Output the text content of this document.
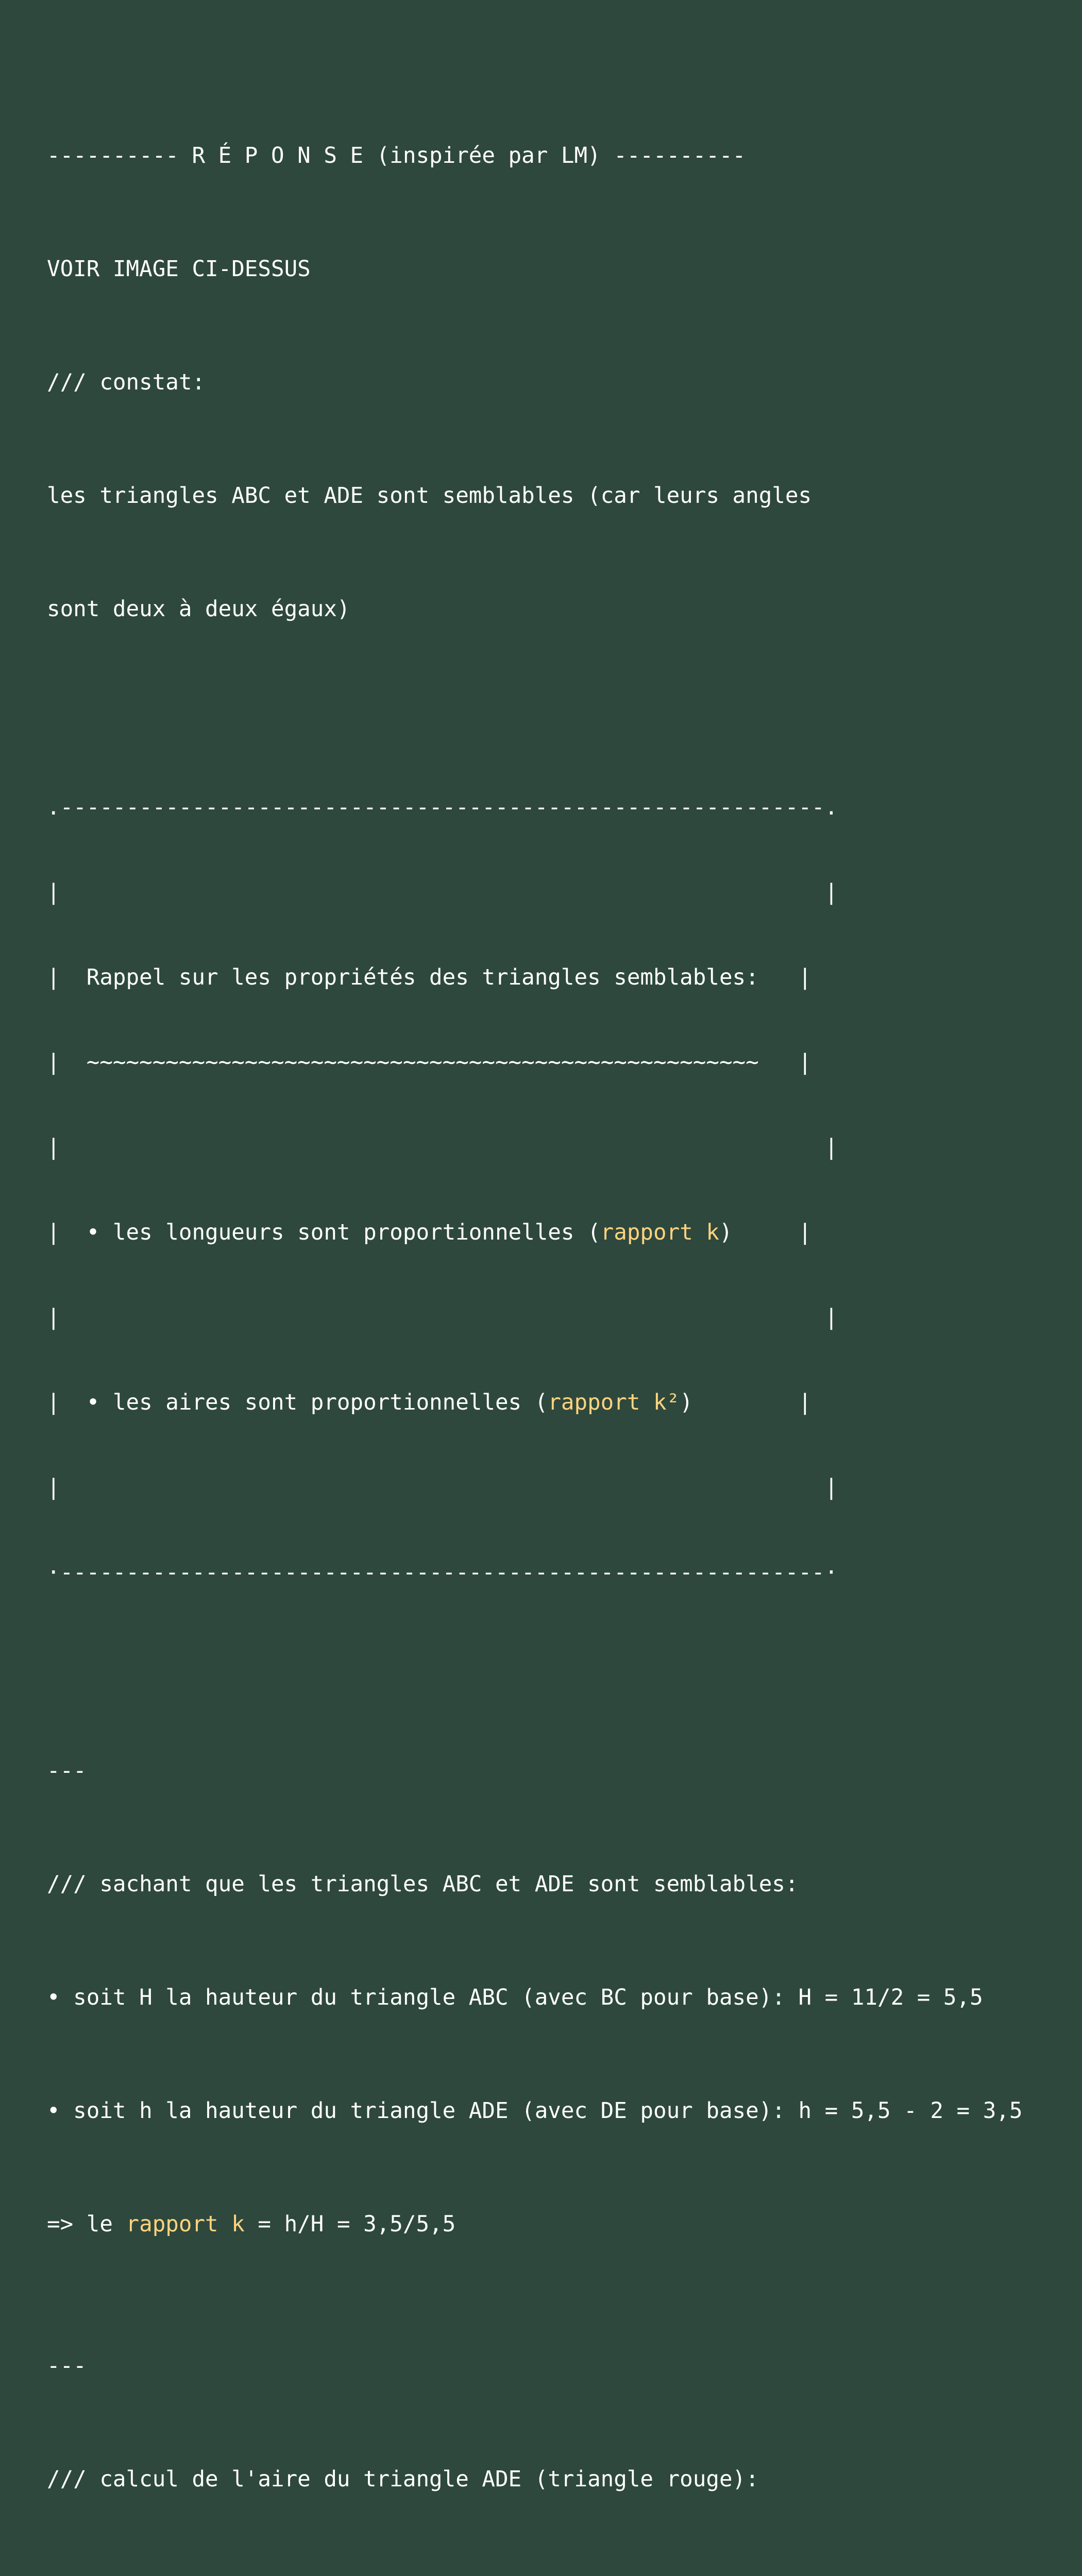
---------- R É P O N S E (inspirée par LM) ----------

VOIR IMAGE CI-DESSUS

/// constat:

les triangles ABC et ADE sont semblables (car leurs angles

sont deux à deux égaux)

.----------------------------------------------------------.

|                                                          |

|  Rappel sur les propriétés des triangles semblables:   |

|  ~~~~~~~~~~~~~~~~~~~~~~~~~~~~~~~~~~~~~~~~~~~~~~~~~~~   |

|                                                          |

|  • les longueurs sont proportionnelles (rapport k)     |

|                                                          |

|  • les aires sont proportionnelles (rapport k²)        |

|                                                          |

·----------------------------------------------------------·

---

/// sachant que les triangles ABC et ADE sont semblables:

• soit H la hauteur du triangle ABC (avec BC pour base): H = 11/2 = 5,5

• soit h la hauteur du triangle ADE (avec DE pour base): h = 5,5 - 2 = 3,5

=> le rapport k = h/H = 3,5/5,5

---

/// calcul de l'aire du triangle ADE (triangle rouge):
